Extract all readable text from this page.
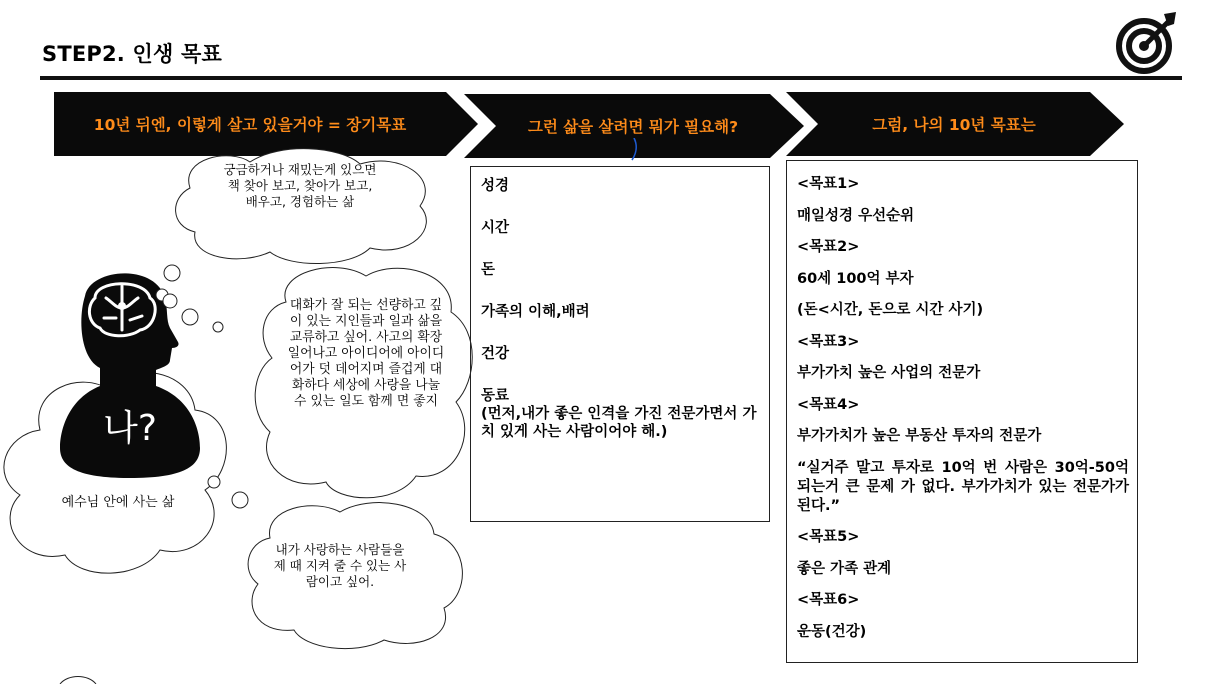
STEP2. 인생 목표
10년 뒤엔, 이렇게 살고 있을거야 = 장기목표	그런 삶을 살려면 뭐가 필요해?	그럼, 나의 10년 목표는
예수님 안에 사는 삶
나?
궁금하거나 재밌는게 있으면 책 찾아 보고, 찾아가 보고, 배우고, 경험하는 삶
대화가 잘 되는 선량하고 깊이 있는 지인들과 일과 삶을 교류하고 싶어. 사고의 확장 일어나고 아이디어에 아이디어가 덧 데어지며 즐겁게 대화하다 세상에 사랑을 나눌 수 있는 일도 함께 면 좋지
내가 사랑하는 사람들을 제 때 지켜 줄 수 있는 사람이고 싶어.
성경
시간
돈
가족의 이해,배려
건강
동료
(먼저,내가 좋은 인격을 가진 전문가면서 가치 있게 사는 사람이어야 해.)
<목표1>
매일성경 우선순위
<목표2>
60세 100억 부자
(돈<시간, 돈으로 시간 사기)
<목표3>
부가가치 높은 사업의 전문가
<목표4>
부가가치가 높은 부동산 투자의 전문가
“실거주 말고 투자로 10억 번 사람은 30억-50억 되는거 큰 문제 가 없다. 부가가치가 있는 전문가가 된다.”
<목표5>
좋은 가족 관계
<목표6>
운동(건강)
